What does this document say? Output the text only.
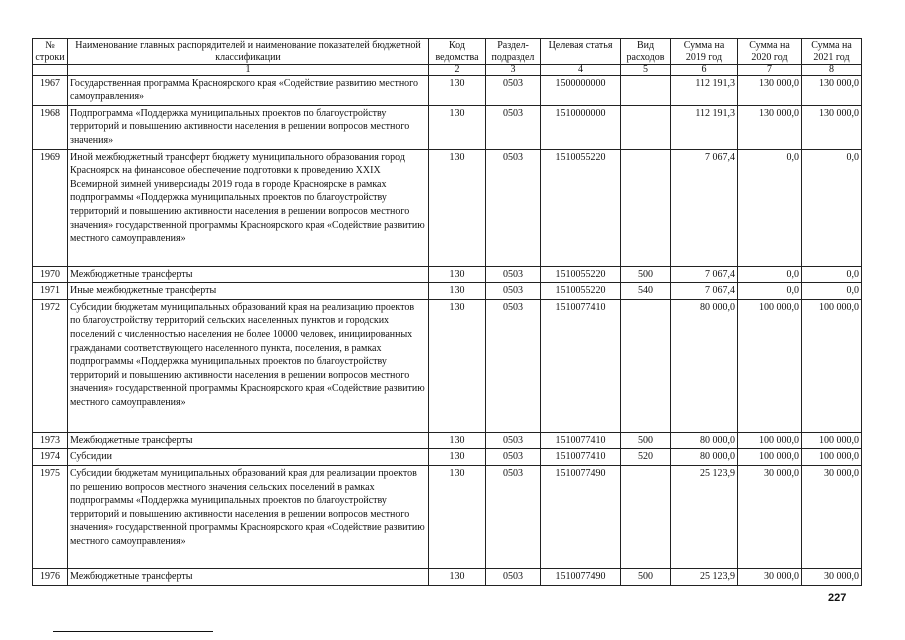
№ строки	Наименование главных распорядителей и наименование показателей бюджетной классификации	Код ведомства	Раздел-подраздел	Целевая статья	Вид расходов	Сумма на 2019 год	Сумма на 2020 год	Сумма на 2021 год
	1	2	3	4	5	6	7	8
1967	Государственная программа Красноярского края «Содействие развитию местного самоуправления»	130	0503	1500000000		112 191,3	130 000,0	130 000,0
1968	Подпрограмма «Поддержка муниципальных проектов по благоустройству территорий и повышению активности населения в решении вопросов местного значения»	130	0503	1510000000		112 191,3	130 000,0	130 000,0
1969	Иной межбюджетный трансферт бюджету муниципального образования город Красноярск на финансовое обеспечение подготовки к проведению XXIX Всемирной зимней универсиады 2019 года в городе Красноярске в рамках подпрограммы «Поддержка муниципальных проектов по благоустройству территорий и повышению активности населения в решении вопросов местного значения» государственной программы Красноярского края «Содействие развитию местного самоуправления»	130	0503	1510055220		7 067,4	0,0	0,0
1970	Межбюджетные трансферты	130	0503	1510055220	500	7 067,4	0,0	0,0
1971	Иные межбюджетные трансферты	130	0503	1510055220	540	7 067,4	0,0	0,0
1972	Субсидии бюджетам муниципальных образований края на реализацию проектов по благоустройству территорий сельских населенных пунктов и городских поселений с численностью населения не более 10000 человек, инициированных гражданами соответствующего населенного пункта, поселения, в рамках подпрограммы «Поддержка муниципальных проектов по благоустройству территорий и повышению активности населения в решении вопросов местного значения» государственной программы Красноярского края «Содействие развитию местного самоуправления»	130	0503	1510077410		80 000,0	100 000,0	100 000,0
1973	Межбюджетные трансферты	130	0503	1510077410	500	80 000,0	100 000,0	100 000,0
1974	Субсидии	130	0503	1510077410	520	80 000,0	100 000,0	100 000,0
1975	Субсидии бюджетам муниципальных образований края для реализации проектов по решению вопросов местного значения сельских поселений в рамках подпрограммы «Поддержка муниципальных проектов по благоустройству территорий и повышению активности населения в решении вопросов местного значения» государственной программы Красноярского края «Содействие развитию местного самоуправления»	130	0503	1510077490		25 123,9	30 000,0	30 000,0
1976	Межбюджетные трансферты	130	0503	1510077490	500	25 123,9	30 000,0	30 000,0
227
